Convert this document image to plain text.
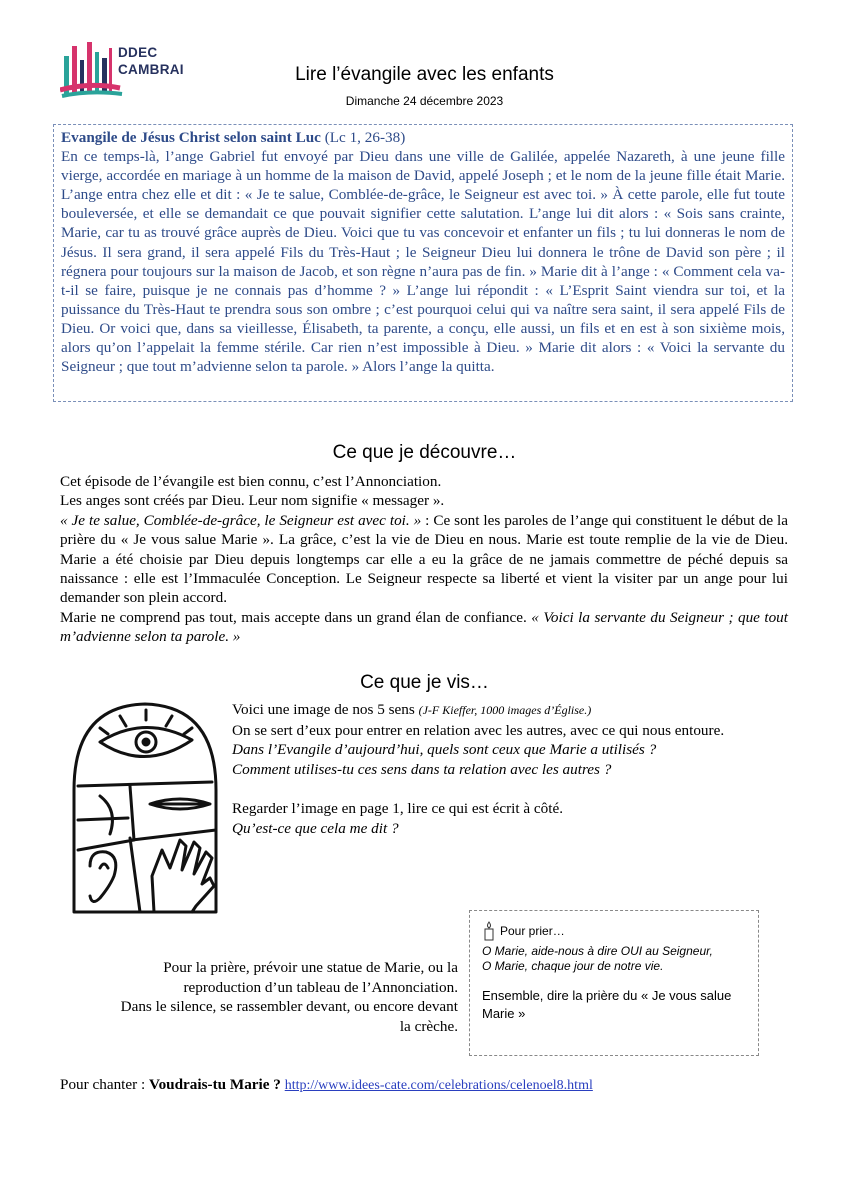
DDEC
CAMBRAI	Lire l’évangile avec les enfants
Dimanche 24 décembre 2023
Evangile de Jésus Christ selon saint Luc (Lc 1, 26-38)

En ce temps-là, l’ange Gabriel fut envoyé par Dieu dans une ville de Galilée, appelée Nazareth, à une jeune fille vierge, accordée en mariage à un homme de la maison de David, appelé Joseph ; et le nom de la jeune fille était Marie. L’ange entra chez elle et dit : « Je te salue, Comblée-de-grâce, le Seigneur est avec toi. » À cette parole, elle fut toute bouleversée, et elle se demandait ce que pouvait signifier cette salutation. L’ange lui dit alors : « Sois sans crainte, Marie, car tu as trouvé grâce auprès de Dieu. Voici que tu vas concevoir et enfanter un fils ; tu lui donneras le nom de Jésus. Il sera grand, il sera appelé Fils du Très-Haut ; le Seigneur Dieu lui donnera le trône de David son père ; il régnera pour toujours sur la maison de Jacob, et son règne n’aura pas de fin. » Marie dit à l’ange : « Comment cela va-t-il se faire, puisque je ne connais pas d’homme ? » L’ange lui répondit : « L’Esprit Saint viendra sur toi, et la puissance du Très-Haut te prendra sous son ombre ; c’est pourquoi celui qui va naître sera saint, il sera appelé Fils de Dieu. Or voici que, dans sa vieillesse, Élisabeth, ta parente, a conçu, elle aussi, un fils et en est à son sixième mois, alors qu’on l’appelait la femme stérile. Car rien n’est impossible à Dieu. » Marie dit alors : « Voici la servante du Seigneur ; que tout m’advienne selon ta parole. » Alors l’ange la quitta.

Ce que je découvre…

Cet épisode de l’évangile est bien connu, c’est l’Annonciation.

Les anges sont créés par Dieu. Leur nom signifie « messager ».

« Je te salue, Comblée-de-grâce, le Seigneur est avec toi. » : Ce sont les paroles de l’ange qui constituent le début de la prière du « Je vous salue Marie ». La grâce, c’est la vie de Dieu en nous. Marie est toute remplie de la vie de Dieu. Marie a été choisie par Dieu depuis longtemps car elle a eu la grâce de ne jamais commettre de péché depuis sa naissance : elle est l’Immaculée Conception. Le Seigneur respecte sa liberté et vient la visiter par un ange pour lui demander son plein accord.

Marie ne comprend pas tout, mais accepte dans un grand élan de confiance. « Voici la servante du Seigneur ; que tout m’advienne selon ta parole. »

Ce que je vis…

Voici une image de nos 5 sens (J-F Kieffer, 1000 images d’Église.)

On se sert d’eux pour entrer en relation avec les autres, avec ce qui nous entoure.

Dans l’Evangile d’aujourd’hui, quels sont ceux que Marie a utilisés ?

Comment utilises-tu ces sens dans ta relation avec les autres ?

Regarder l’image en page 1, lire ce qui est écrit à côté.

Qu’est-ce que cela me dit ?

Pour la prière, prévoir une statue de Marie, ou la
reproduction d’un tableau de l’Annonciation.
Dans le silence, se rassembler devant, ou encore devant
la crèche.
Pour prier…
O Marie, aide-nous à dire OUI au Seigneur,
O Marie, chaque jour de notre vie.
Ensemble, dire la prière du « Je vous salue Marie »
Pour chanter : Voudrais-tu Marie ? http://www.idees-cate.com/celebrations/celenoel8.html
